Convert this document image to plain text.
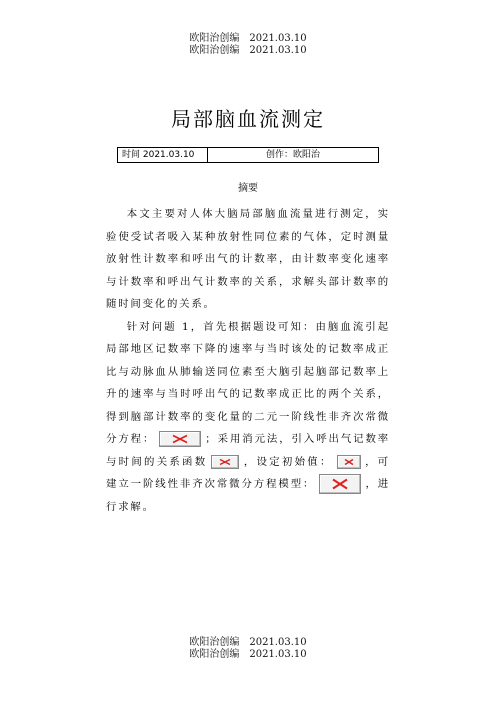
欧阳治创编　2021.03.10
欧阳治创编　2021.03.10
局部脑血流测定
时间 2021.03.10	创作：欧阳治
摘要

本文主要对人体大脑局部脑血流量进行测定，实验使受试者吸入某种放射性同位素的气体，定时测量放射性计数率和呼出气的计数率，由计数率变化速率与计数率和呼出气计数率的关系，求解头部计数率的随时间变化的关系。

针对问题 1，首先根据题设可知：由脑血流引起局部地区记数率下降的速率与当时该处的记数率成正比与动脉血从肺输送同位素至大脑引起脑部记数率上升的速率与当时呼出气的记数率成正比的两个关系，得到脑部计数率的变化量的二元一阶线性非齐次常微分方程：	；采用消元法，引入呼出气记数率与时间的关系函数	，设定初始值：	，可建立一阶线性非齐次常微分方程模型：	，进行求解。

欧阳治创编　2021.03.10
欧阳治创编　2021.03.10
